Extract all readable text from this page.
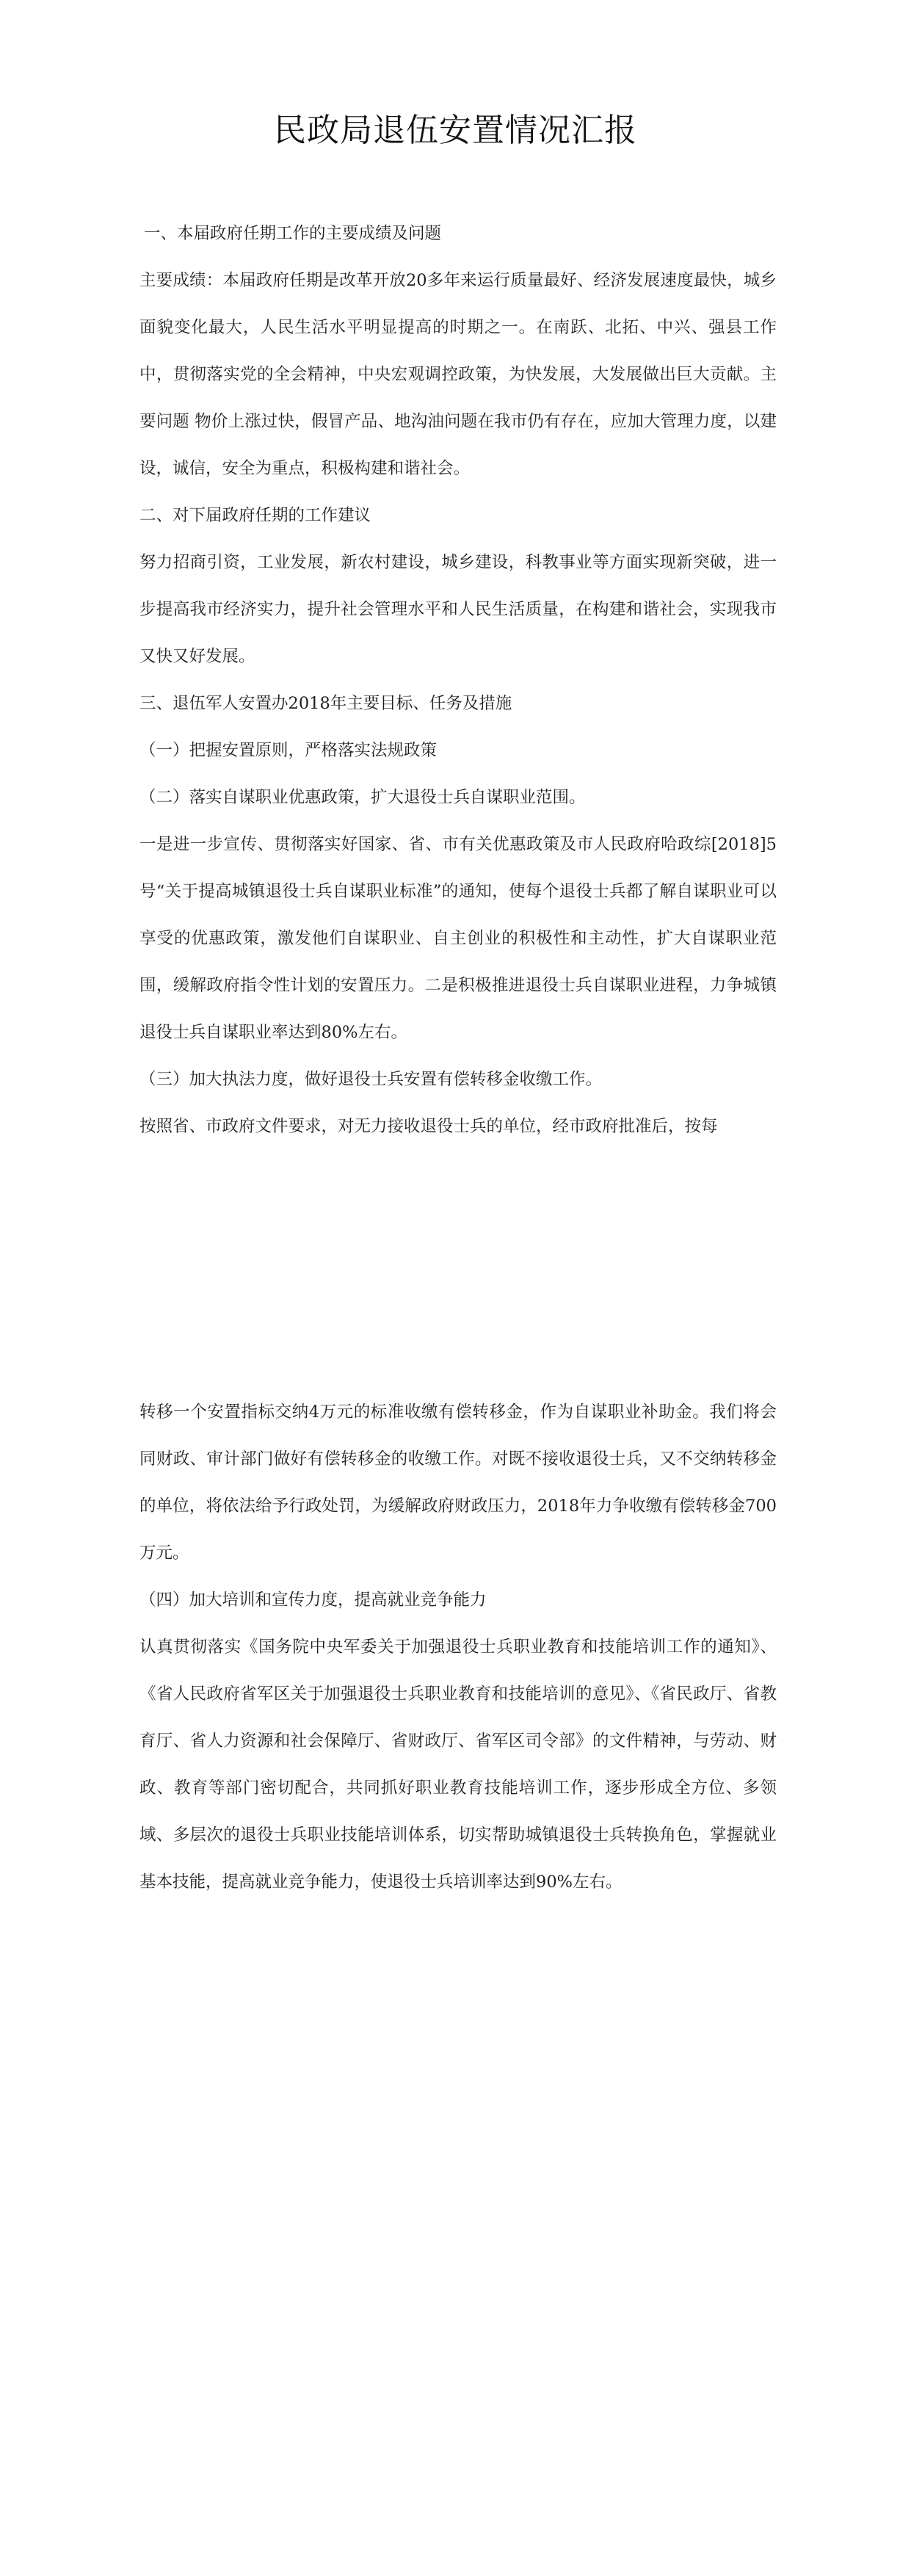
民政局退伍安置情况汇报

一、本届政府任期工作的主要成绩及问题

主要成绩：本届政府任期是改革开放20多年来运行质量最好、经济发展速度最快，城乡面貌变化最大，人民生活水平明显提高的时期之一。在南跃、北拓、中兴、强县工作中，贯彻落实党的全会精神，中央宏观调控政策，为快发展，大发展做出巨大贡献。主要问题 物价上涨过快，假冒产品、地沟油问题在我市仍有存在，应加大管理力度，以建设，诚信，安全为重点，积极构建和谐社会。

二、对下届政府任期的工作建议

努力招商引资，工业发展，新农村建设，城乡建设，科教事业等方面实现新突破，进一步提高我市经济实力，提升社会管理水平和人民生活质量，在构建和谐社会，实现我市又快又好发展。

三、退伍军人安置办2018年主要目标、任务及措施

（一）把握安置原则，严格落实法规政策

（二）落实自谋职业优惠政策，扩大退役士兵自谋职业范围。

一是进一步宣传、贯彻落实好国家、省、市有关优惠政策及市人民政府哈政综[2018]5号“关于提高城镇退役士兵自谋职业标准”的通知，使每个退役士兵都了解自谋职业可以享受的优惠政策，激发他们自谋职业、自主创业的积极性和主动性，扩大自谋职业范围，缓解政府指令性计划的安置压力。二是积极推进退役士兵自谋职业进程，力争城镇退役士兵自谋职业率达到80%左右。

（三）加大执法力度，做好退役士兵安置有偿转移金收缴工作。

按照省、市政府文件要求，对无力接收退役士兵的单位，经市政府批准后，按每

转移一个安置指标交纳4万元的标准收缴有偿转移金，作为自谋职业补助金。我们将会同财政、审计部门做好有偿转移金的收缴工作。对既不接收退役士兵，又不交纳转移金的单位，将依法给予行政处罚，为缓解政府财政压力，2018年力争收缴有偿转移金700万元。

（四）加大培训和宣传力度，提高就业竞争能力

认真贯彻落实《国务院中央军委关于加强退役士兵职业教育和技能培训工作的通知》、《省人民政府省军区关于加强退役士兵职业教育和技能培训的意见》、《省民政厅、省教育厅、省人力资源和社会保障厅、省财政厅、省军区司令部》的文件精神，与劳动、财政、教育等部门密切配合，共同抓好职业教育技能培训工作，逐步形成全方位、多领域、多层次的退役士兵职业技能培训体系，切实帮助城镇退役士兵转换角色，掌握就业基本技能，提高就业竞争能力，使退役士兵培训率达到90%左右。
